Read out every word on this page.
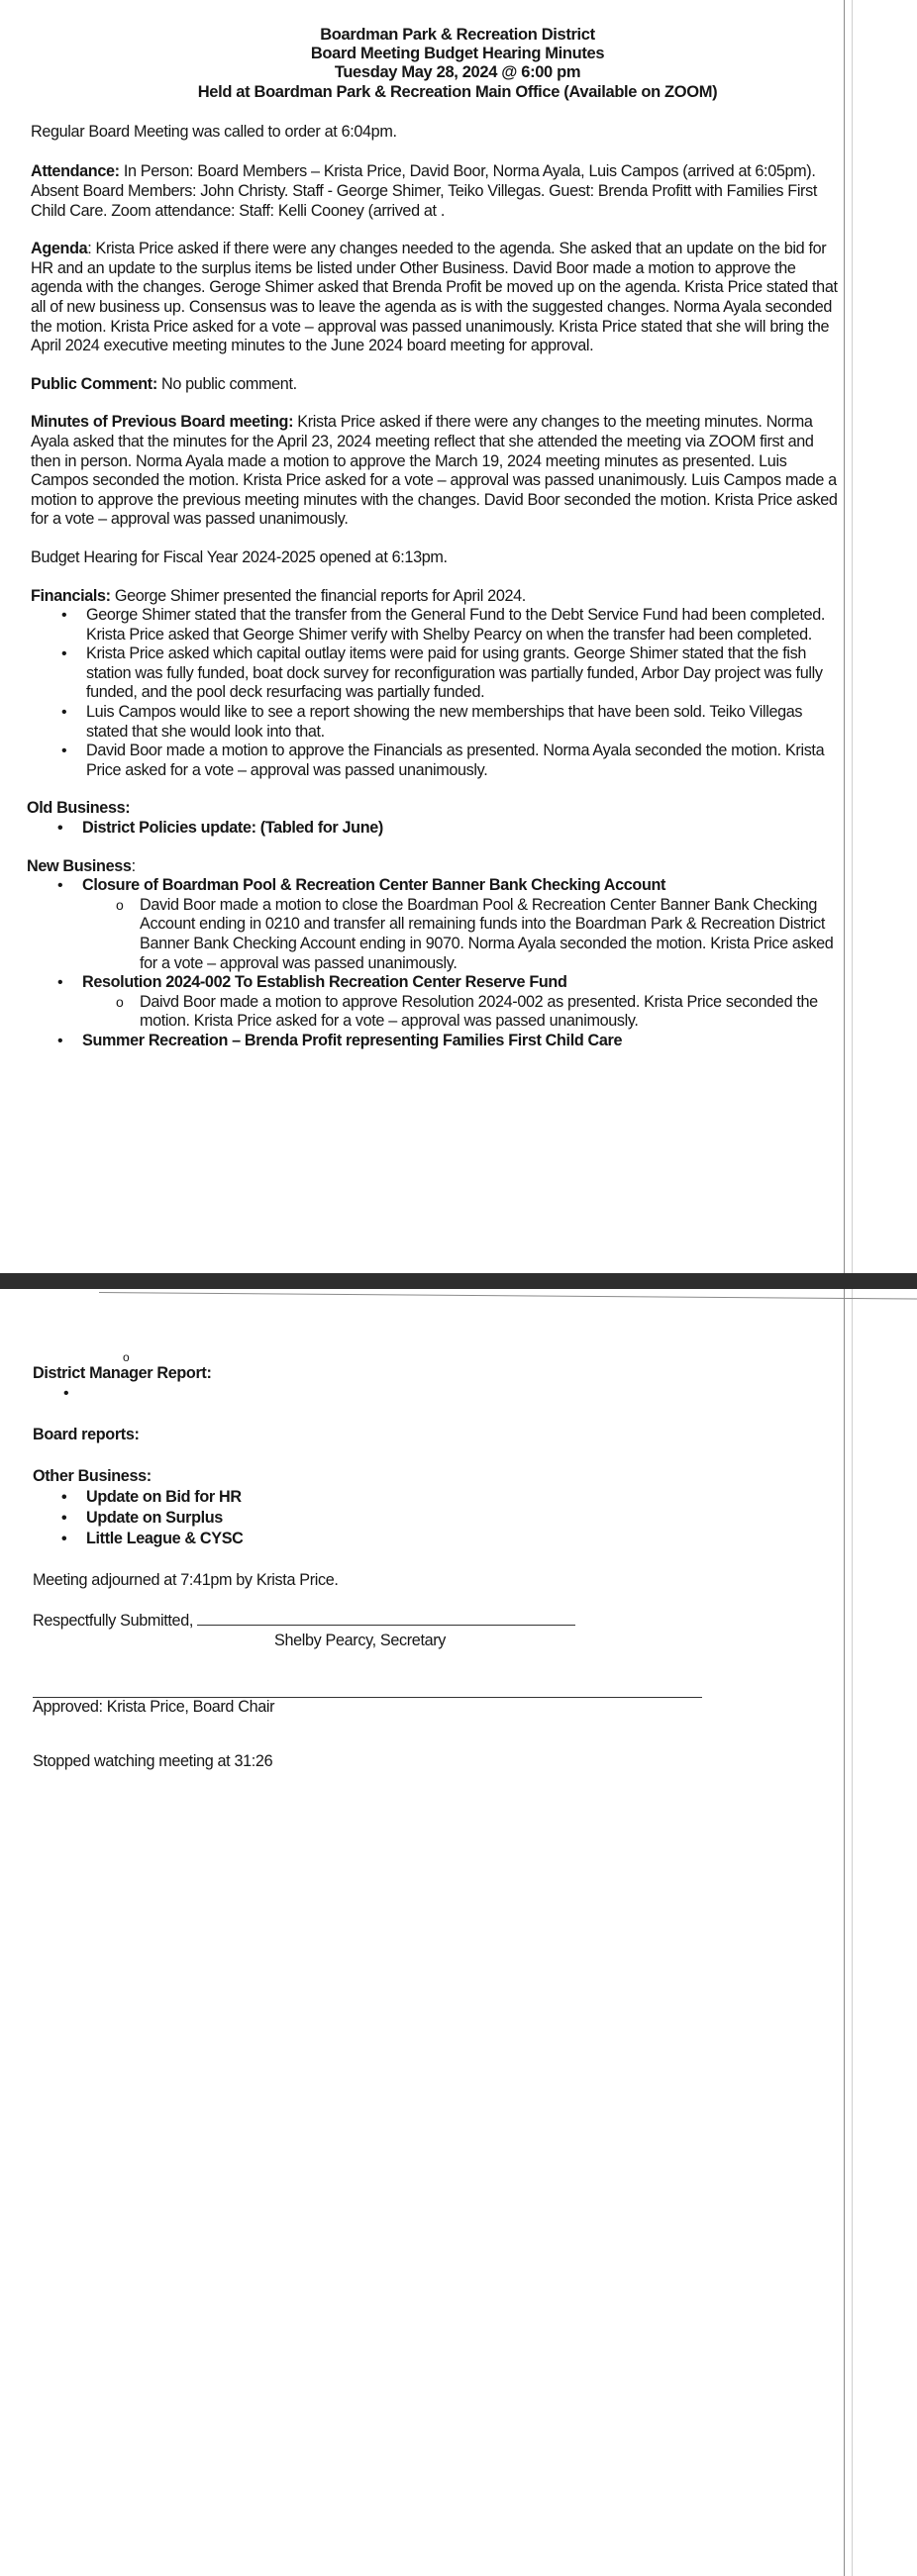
Boardman Park & Recreation District

Board Meeting Budget Hearing Minutes

Tuesday May 28, 2024 @ 6:00 pm

Held at Boardman Park & Recreation Main Office (Available on ZOOM)

Regular Board Meeting was called to order at 6:04pm.

Attendance: In Person: Board Members – Krista Price, David Boor, Norma Ayala, Luis Campos (arrived at 6:05pm). Absent Board Members: John Christy. Staff - George Shimer, Teiko Villegas. Guest: Brenda Profitt with Families First Child Care. Zoom attendance: Staff: Kelli Cooney (arrived at .

Agenda: Krista Price asked if there were any changes needed to the agenda. She asked that an update on the bid for HR and an update to the surplus items be listed under Other Business. David Boor made a motion to approve the agenda with the changes. Geroge Shimer asked that Brenda Profit be moved up on the agenda. Krista Price stated that all of new business up. Consensus was to leave the agenda as is with the suggested changes. Norma Ayala seconded the motion. Krista Price asked for a vote – approval was passed unanimously. Krista Price stated that she will bring the April 2024 executive meeting minutes to the June 2024 board meeting for approval.

Public Comment: No public comment.

Minutes of Previous Board meeting: Krista Price asked if there were any changes to the meeting minutes. Norma Ayala asked that the minutes for the April 23, 2024 meeting reflect that she attended the meeting via ZOOM first and then in person. Norma Ayala made a motion to approve the March 19, 2024 meeting minutes as presented. Luis Campos seconded the motion. Krista Price asked for a vote – approval was passed unanimously. Luis Campos made a motion to approve the previous meeting minutes with the changes. David Boor seconded the motion. Krista Price asked for a vote – approval was passed unanimously.

Budget Hearing for Fiscal Year 2024-2025 opened at 6:13pm.

Financials: George Shimer presented the financial reports for April 2024.

• George Shimer stated that the transfer from the General Fund to the Debt Service Fund had been completed. Krista Price asked that George Shimer verify with Shelby Pearcy on when the transfer had been completed.
• Krista Price asked which capital outlay items were paid for using grants. George Shimer stated that the fish station was fully funded, boat dock survey for reconfiguration was partially funded, Arbor Day project was fully funded, and the pool deck resurfacing was partially funded.
• Luis Campos would like to see a report showing the new memberships that have been sold. Teiko Villegas stated that she would look into that.
• David Boor made a motion to approve the Financials as presented. Norma Ayala seconded the motion. Krista Price asked for a vote – approval was passed unanimously.

Old Business:

• District Policies update: (Tabled for June)

New Business:

• Closure of Boardman Pool & Recreation Center Banner Bank Checking Account
o David Boor made a motion to close the Boardman Pool & Recreation Center Banner Bank Checking Account ending in 0210 and transfer all remaining funds into the Boardman Park & Recreation District Banner Bank Checking Account ending in 9070. Norma Ayala seconded the motion. Krista Price asked for a vote – approval was passed unanimously.
• Resolution 2024-002 To Establish Recreation Center Reserve Fund
o Daivd Boor made a motion to approve Resolution 2024-002 as presented. Krista Price seconded the motion. Krista Price asked for a vote – approval was passed unanimously.
• Summer Recreation – Brenda Profit representing Families First Child Care

o

District Manager Report:

•

Board reports:

Other Business:

• Update on Bid for HR
• Update on Surplus
• Little League & CYSC

Meeting adjourned at 7:41pm by Krista Price.

Respectfully Submitted,

Shelby Pearcy, Secretary

Approved: Krista Price, Board Chair

Stopped watching meeting at 31:26
